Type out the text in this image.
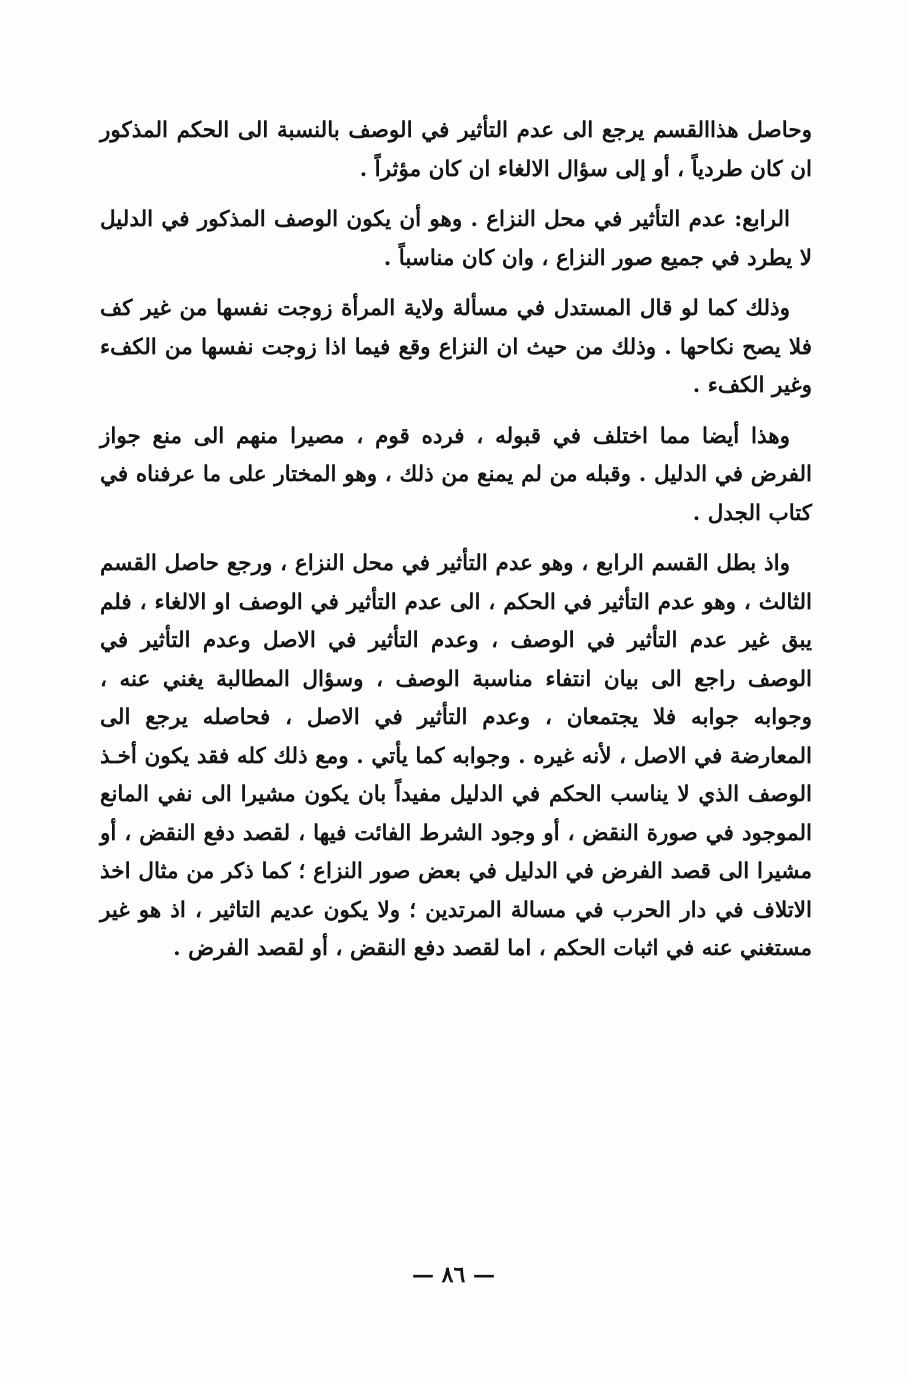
وحاصل هذاالقسم يرجع الى عدم التأثير في الوصف بالنسبة الى الحكم المذكور ان كان طردياً ، أو إلى سؤال الالغاء ان كان مؤثراً .

الرابع: عدم التأثير في محل النزاع . وهو أن يكون الوصف المذكور في الدليل لا يطرد في جميع صور النزاع ، وان كان مناسباً .

وذلك كما لو قال المستدل في مسألة ولاية المرأة زوجت نفسها من غير كف فلا يصح نكاحها . وذلك من حيث ان النزاع وقع فيما اذا زوجت نفسها من الكفء وغير الكفء .

وهذا أيضا مما اختلف في قبوله ، فرده قوم ، مصيرا منهم الى منع جواز الفرض في الدليل . وقبله من لم يمنع من ذلك ، وهو المختار على ما عرفناه في كتاب الجدل .

واذ بطل القسم الرابع ، وهو عدم التأثير في محل النزاع ، ورجع حاصل القسم الثالث ، وهو عدم التأثير في الحكم ، الى عدم التأثير في الوصف او الالغاء ، فلم يبق غير عدم التأثير في الوصف ، وعدم التأثير في الاصل وعدم التأثير في الوصف راجع الى بيان انتفاء مناسبة الوصف ، وسؤال المطالبة يغني عنه ، وجوابه جوابه فلا يجتمعان ، وعدم التأثير في الاصل ، فحاصله يرجع الى المعارضة في الاصل ، لأنه غيره . وجوابه كما يأتي . ومع ذلك كله فقد يكون أخـذ الوصف الذي لا يناسب الحكم في الدليل مفيداً بان يكون مشيرا الى نفي المانع الموجود في صورة النقض ، أو وجود الشرط الفائت فيها ، لقصد دفع النقض ، أو مشيرا الى قصد الفرض في الدليل في بعض صور النزاع ؛ كما ذكر من مثال اخذ الاتلاف في دار الحرب في مسالة المرتدين ؛ ولا يكون عديم التاثير ، اذ هو غير مستغني عنه في اثبات الحكم ، اما لقصد دفع النقض ، أو لقصد الفرض .

— ٨٦ —
